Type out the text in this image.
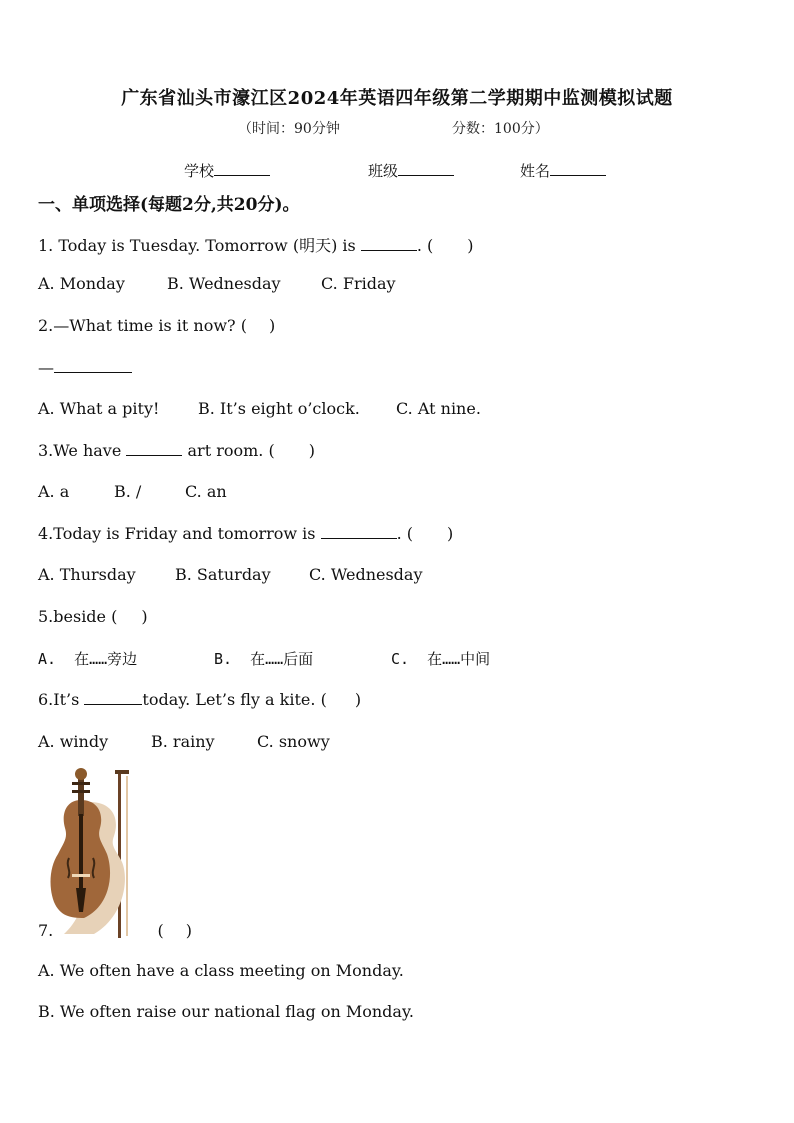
广东省汕头市濠江区2024年英语四年级第二学期期中监测模拟试题
（时间：90分钟	分数：100分）
学校	班级	姓名
一、单项选择(每题2分,共20分)。
1. Today is Tuesday. Tomorrow (明天) is	. ( )
A. Monday	B. Wednesday	C. Friday
2.—What time is it now? ( )
—
A. What a pity! B. It’s eight o’clock. C. At nine.
3.We have	art room. ( )
A. a	B. /	C. an
4.Today is Friday and tomorrow is	. ( )
A. Thursday B. Saturday C. Wednesday
5.beside ( )
A.  在……旁边	B.  在……后面	C.  在……中间
6.It’s	today. Let’s fly a kite. ( )
A. windy	B. rainy	C. snowy
7.	( )
A. We often have a class meeting on Monday.
B. We often raise our national flag on Monday.
